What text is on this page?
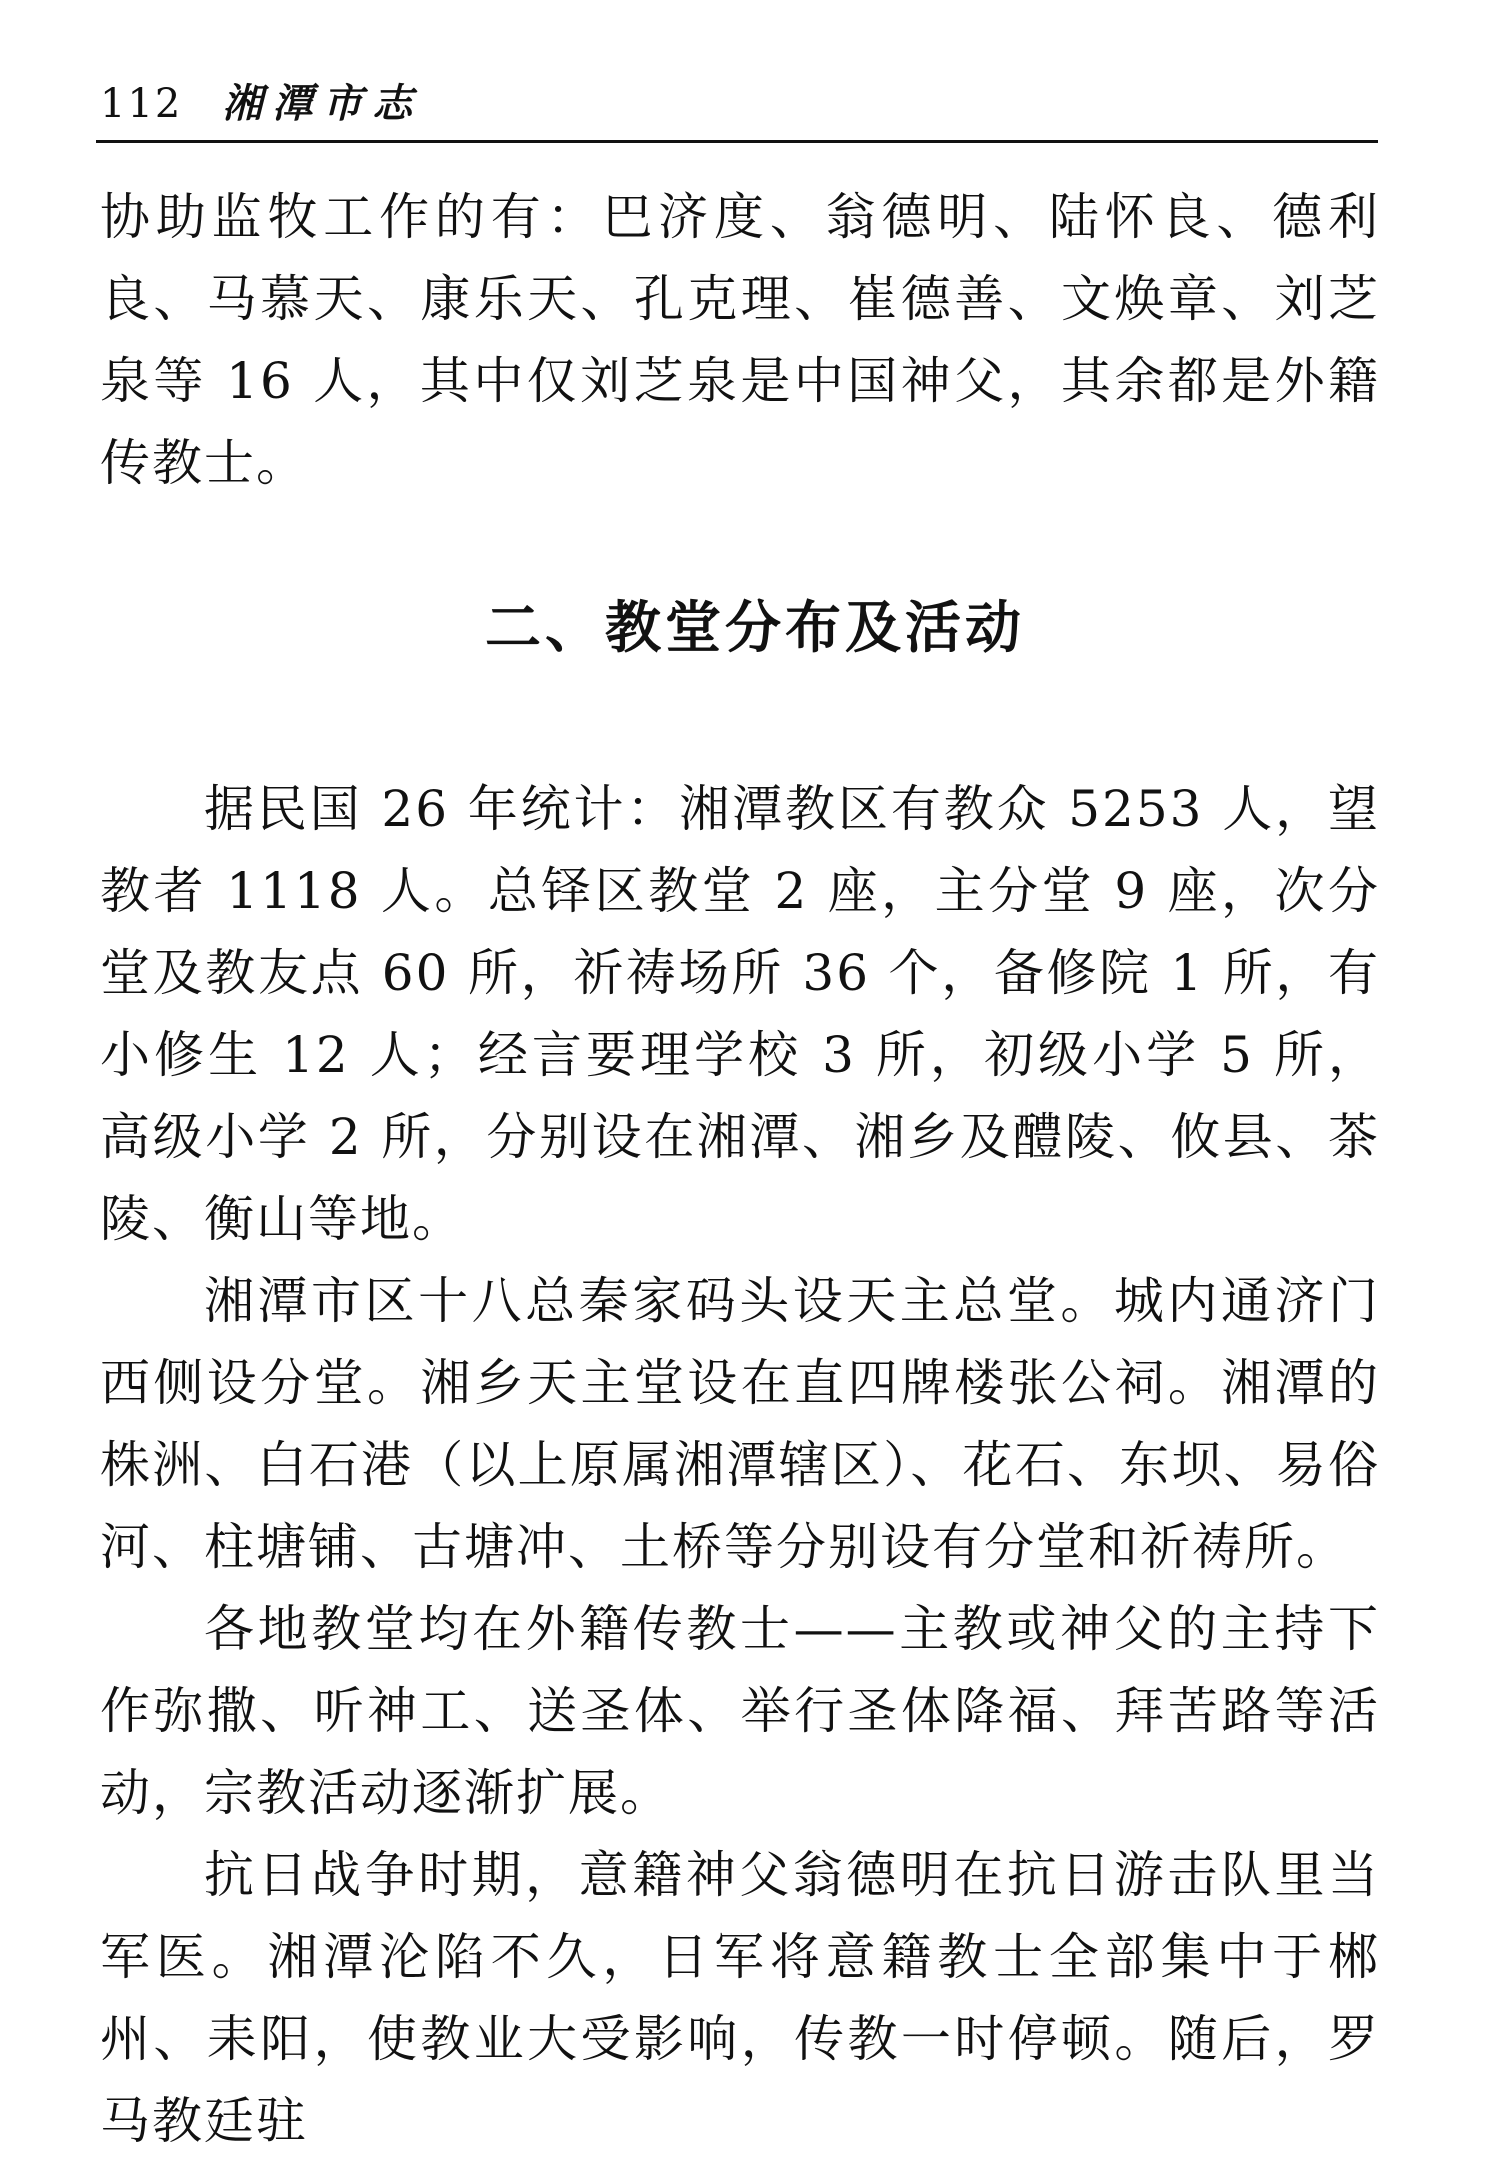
112 湘潭市志

协助监牧工作的有：巴济度、翁德明、陆怀良、德利良、马慕天、康乐天、孔克理、崔德善、文焕章、刘芝泉等 16 人，其中仅刘芝泉是中国神父，其余都是外籍传教士。

二、教堂分布及活动

据民国 26 年统计：湘潭教区有教众 5253 人，望教者 1118 人。总铎区教堂 2 座，主分堂 9 座，次分堂及教友点 60 所，祈祷场所 36 个，备修院 1 所，有小修生 12 人；经言要理学校 3 所，初级小学 5 所，高级小学 2 所，分别设在湘潭、湘乡及醴陵、攸县、茶陵、衡山等地。

湘潭市区十八总秦家码头设天主总堂。城内通济门西侧设分堂。湘乡天主堂设在直四牌楼张公祠。湘潭的株洲、白石港（以上原属湘潭辖区）、花石、东坝、易俗河、柱塘铺、古塘冲、土桥等分别设有分堂和祈祷所。

各地教堂均在外籍传教士——主教或神父的主持下作弥撒、听神工、送圣体、举行圣体降福、拜苦路等活动，宗教活动逐渐扩展。

抗日战争时期，意籍神父翁德明在抗日游击队里当军医。湘潭沦陷不久，日军将意籍教士全部集中于郴州、耒阳，使教业大受影响，传教一时停顿。随后，罗马教廷驻
